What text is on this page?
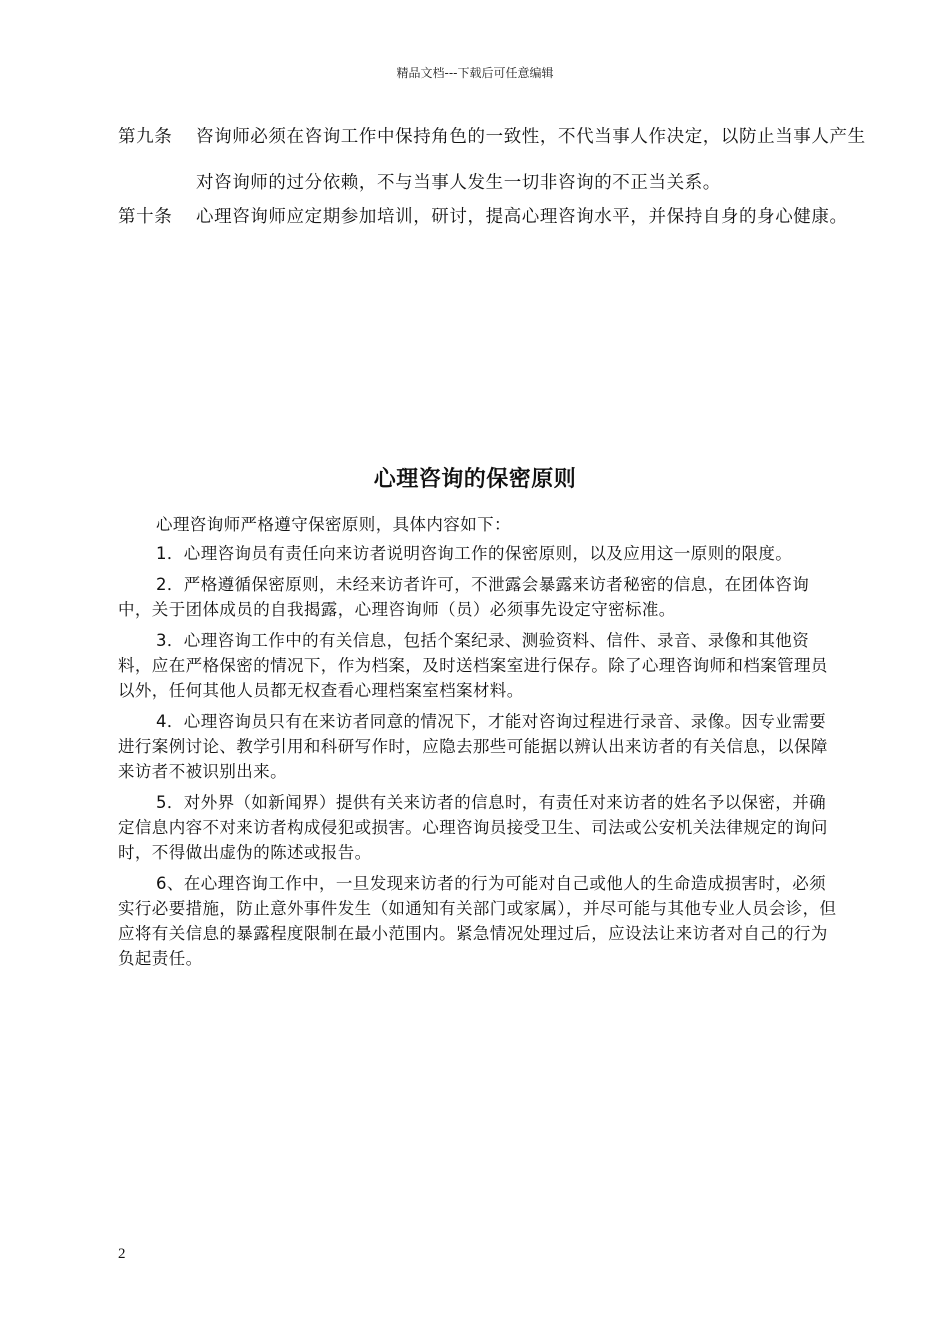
精品文档---下载后可任意编辑
第九条 咨询师必须在咨询工作中保持角色的一致性，不代当事人作决定，以防止当事人产生对咨询师的过分依赖，不与当事人发生一切非咨询的不正当关系。
第十条 心理咨询师应定期参加培训，研讨，提高心理咨询水平，并保持自身的身心健康。
心理咨询的保密原则

心理咨询师严格遵守保密原则，具体内容如下：

1．心理咨询员有责任向来访者说明咨询工作的保密原则，以及应用这一原则的限度。

2．严格遵循保密原则，未经来访者许可，不泄露会暴露来访者秘密的信息，在团体咨询中，关于团体成员的自我揭露，心理咨询师（员）必须事先设定守密标准。

3．心理咨询工作中的有关信息，包括个案纪录、测验资料、信件、录音、录像和其他资料，应在严格保密的情况下，作为档案，及时送档案室进行保存。除了心理咨询师和档案管理员以外，任何其他人员都无权查看心理档案室档案材料。

4．心理咨询员只有在来访者同意的情况下，才能对咨询过程进行录音、录像。因专业需要进行案例讨论、教学引用和科研写作时，应隐去那些可能据以辨认出来访者的有关信息，以保障来访者不被识别出来。

5．对外界（如新闻界）提供有关来访者的信息时，有责任对来访者的姓名予以保密，并确定信息内容不对来访者构成侵犯或损害。心理咨询员接受卫生、司法或公安机关法律规定的询问时，不得做出虚伪的陈述或报告。

6、在心理咨询工作中，一旦发现来访者的行为可能对自己或他人的生命造成损害时，必须实行必要措施，防止意外事件发生（如通知有关部门或家属），并尽可能与其他专业人员会诊，但应将有关信息的暴露程度限制在最小范围内。紧急情况处理过后，应设法让来访者对自己的行为负起责任。

2
